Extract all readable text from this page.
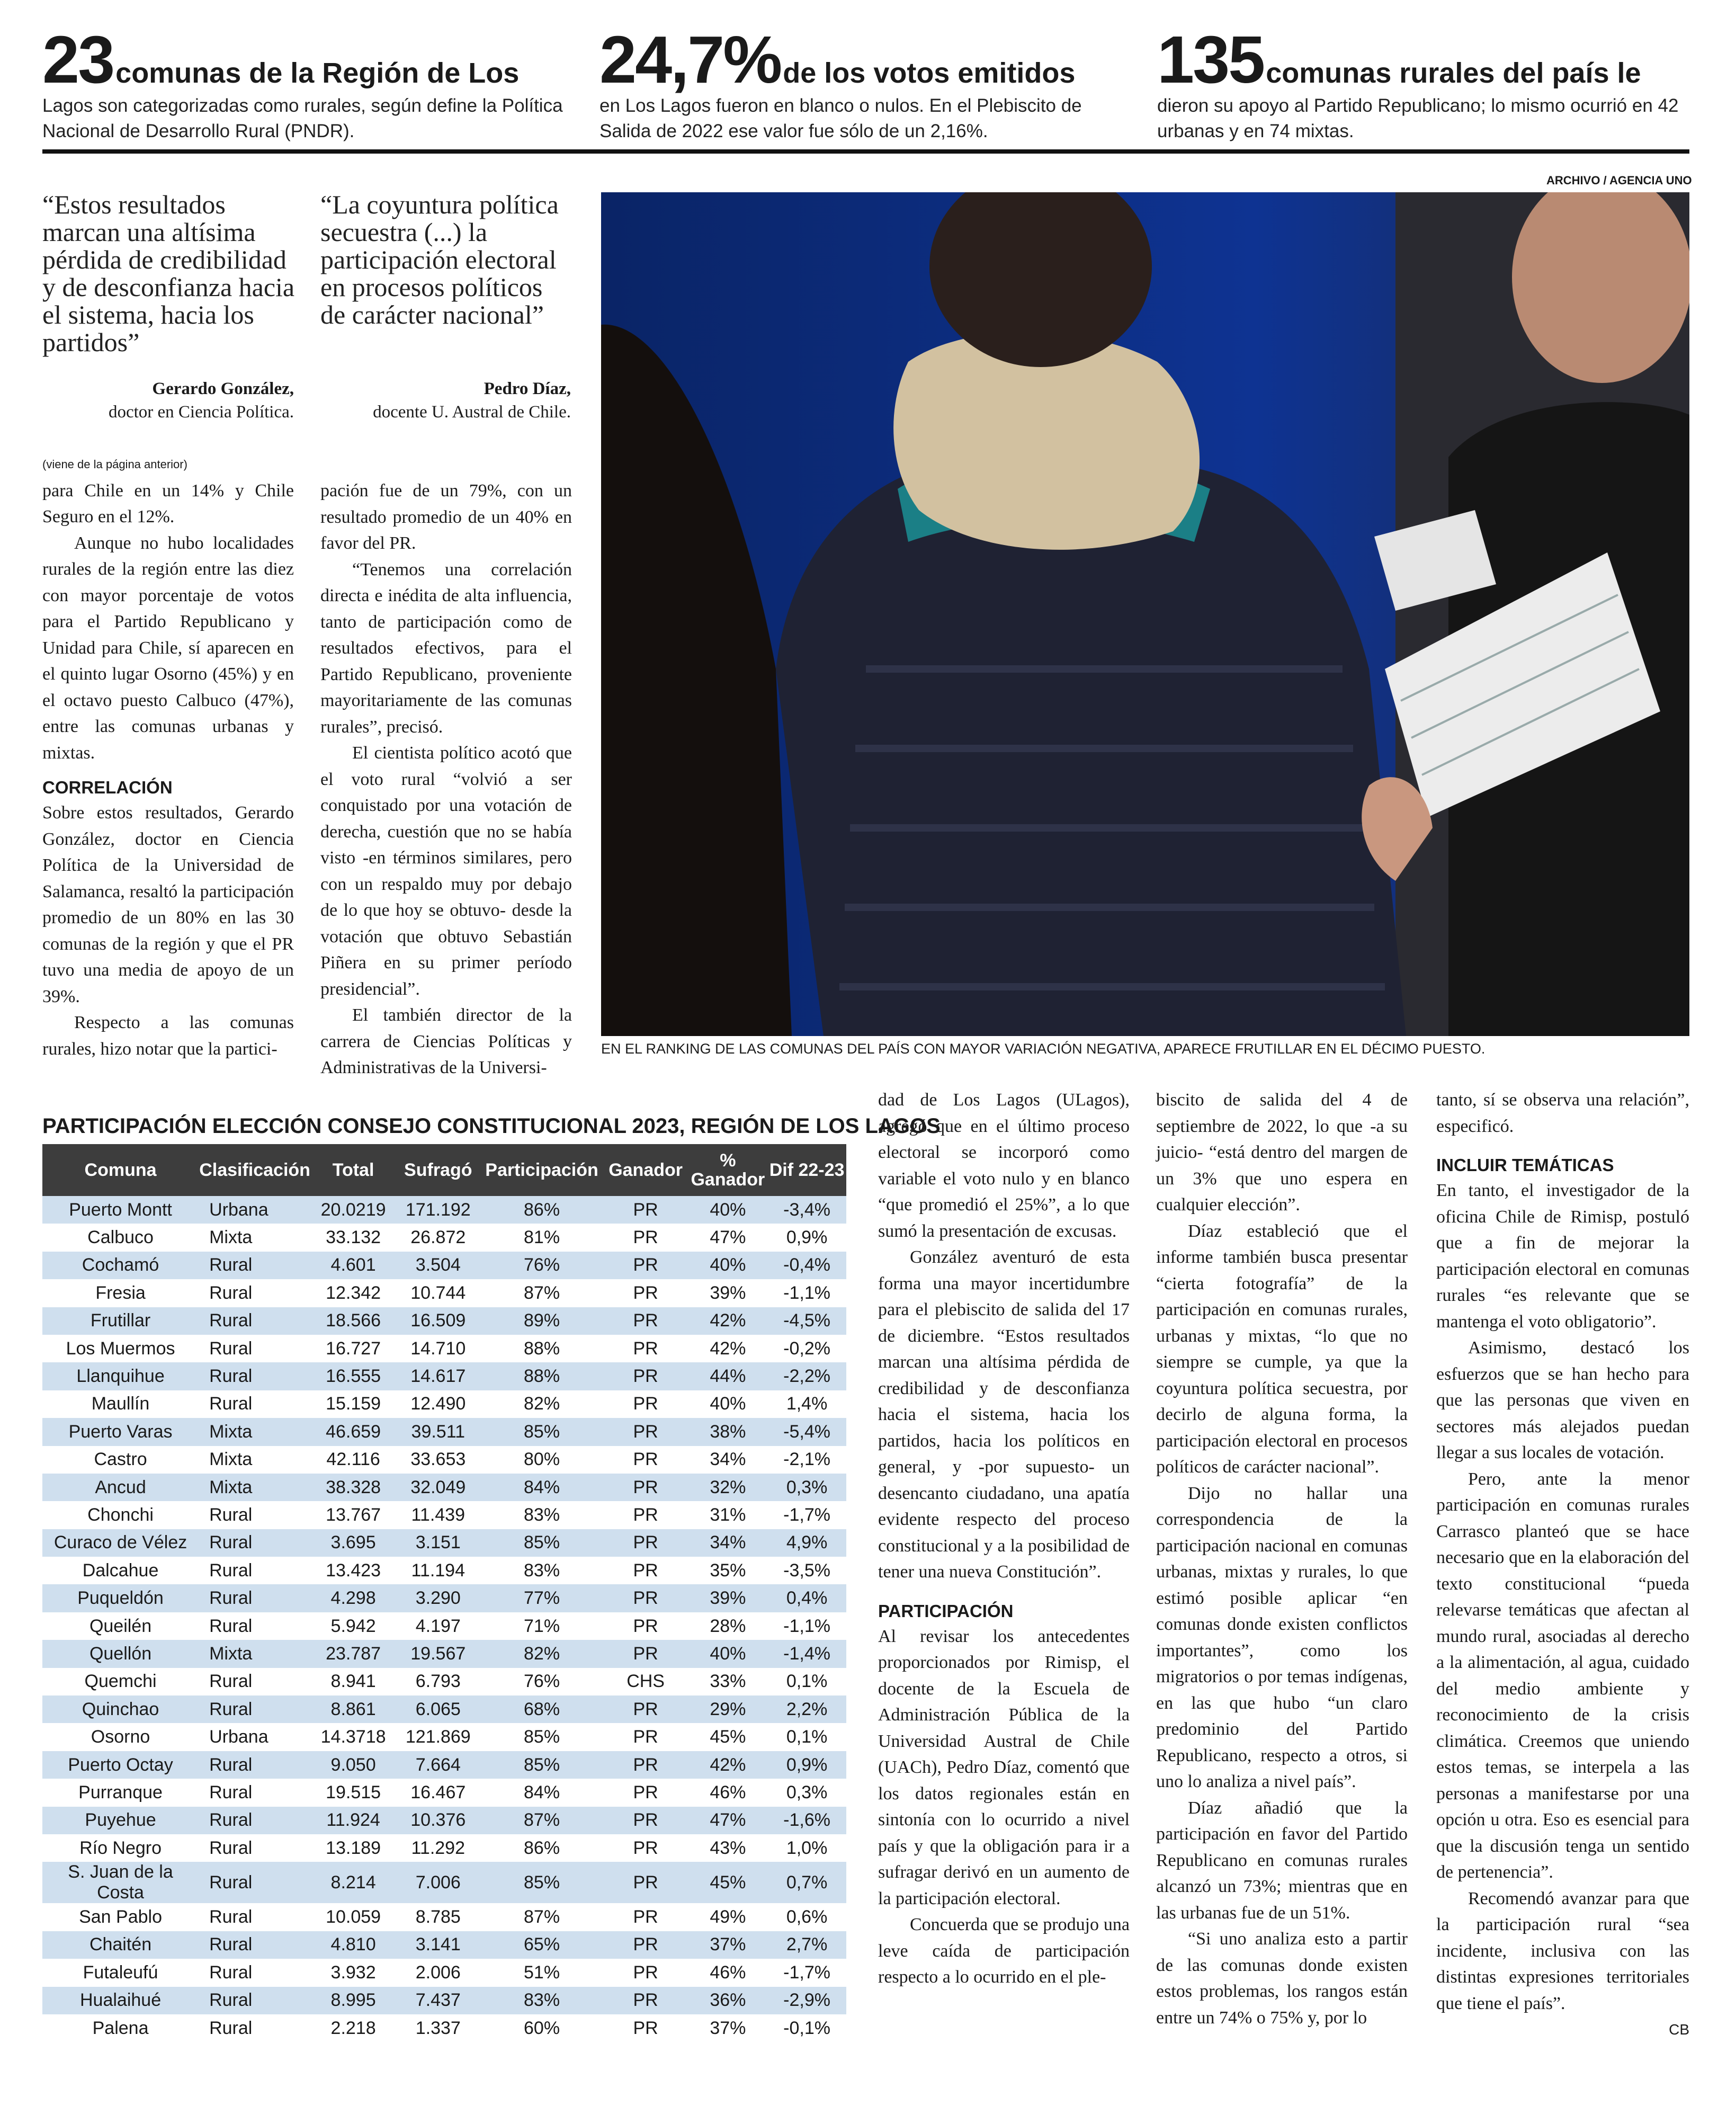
23 comunas de la Región de Los
Lagos son categorizadas como rurales, según define la Política Nacional de Desarrollo Rural (PNDR).
24,7% de los votos emitidos
en Los Lagos fueron en blanco o nulos. En el Plebiscito de Salida de 2022 ese valor fue sólo de un 2,16%.
135 comunas rurales del país le
dieron su apoyo al Partido Republicano; lo mismo ocurrió en 42 urbanas y en 74 mixtas.
“Estos resultados marcan una altísima pérdida de credibilidad y de desconfianza hacia el sistema, hacia los partidos”
Gerardo González,
doctor en Ciencia Política.
“La coyuntura política secuestra (...) la participación electoral en procesos políticos de carácter nacional”
Pedro Díaz,
docente U. Austral de Chile.
(viene de la página anterior)

para Chile en un 14% y Chile Seguro en el 12%.

Aunque no hubo localidades rurales de la región entre las diez con mayor porcentaje de votos para el Partido Republicano y Unidad para Chile, sí aparecen en el quinto lugar Osorno (45%) y en el octavo puesto Calbuco (47%), entre las comunas urbanas y mixtas.

CORRELACIÓN

Sobre estos resultados, Gerardo González, doctor en Ciencia Política de la Universidad de Salamanca, resaltó la participación promedio de un 80% en las 30 comunas de la región y que el PR tuvo una media de apoyo de un 39%.

Respecto a las comunas rurales, hizo notar que la partici-

pación fue de un 79%, con un resultado promedio de un 40% en favor del PR.

“Tenemos una correlación directa e inédita de alta influencia, tanto de participación como de resultados efectivos, para el Partido Republicano, proveniente mayoritariamente de las comunas rurales”, precisó.

El cientista político acotó que el voto rural “volvió a ser conquistado por una votación de derecha, cuestión que no se había visto -en términos similares, pero con un respaldo muy por debajo de lo que hoy se obtuvo- desde la votación que obtuvo Sebastián Piñera en su primer período presidencial”.

El también director de la carrera de Ciencias Políticas y Administrativas de la Universi-

ARCHIVO / AGENCIA UNO
EN EL RANKING DE LAS COMUNAS DEL PAÍS CON MAYOR VARIACIÓN NEGATIVA, APARECE FRUTILLAR EN EL DÉCIMO PUESTO.
PARTICIPACIÓN ELECCIÓN CONSEJO CONSTITUCIONAL 2023, REGIÓN DE LOS LAGOS
Comuna	Clasificación	Total	Sufragó	Participación	Ganador	% Ganador	Dif 22-23
Puerto Montt	Urbana	20.0219	171.192	86%	PR	40%	-3,4%
Calbuco	Mixta	33.132	26.872	81%	PR	47%	0,9%
Cochamó	Rural	4.601	3.504	76%	PR	40%	-0,4%
Fresia	Rural	12.342	10.744	87%	PR	39%	-1,1%
Frutillar	Rural	18.566	16.509	89%	PR	42%	-4,5%
Los Muermos	Rural	16.727	14.710	88%	PR	42%	-0,2%
Llanquihue	Rural	16.555	14.617	88%	PR	44%	-2,2%
Maullín	Rural	15.159	12.490	82%	PR	40%	1,4%
Puerto Varas	Mixta	46.659	39.511	85%	PR	38%	-5,4%
Castro	Mixta	42.116	33.653	80%	PR	34%	-2,1%
Ancud	Mixta	38.328	32.049	84%	PR	32%	0,3%
Chonchi	Rural	13.767	11.439	83%	PR	31%	-1,7%
Curaco de Vélez	Rural	3.695	3.151	85%	PR	34%	4,9%
Dalcahue	Rural	13.423	11.194	83%	PR	35%	-3,5%
Puqueldón	Rural	4.298	3.290	77%	PR	39%	0,4%
Queilén	Rural	5.942	4.197	71%	PR	28%	-1,1%
Quellón	Mixta	23.787	19.567	82%	PR	40%	-1,4%
Quemchi	Rural	8.941	6.793	76%	CHS	33%	0,1%
Quinchao	Rural	8.861	6.065	68%	PR	29%	2,2%
Osorno	Urbana	14.3718	121.869	85%	PR	45%	0,1%
Puerto Octay	Rural	9.050	7.664	85%	PR	42%	0,9%
Purranque	Rural	19.515	16.467	84%	PR	46%	0,3%
Puyehue	Rural	11.924	10.376	87%	PR	47%	-1,6%
Río Negro	Rural	13.189	11.292	86%	PR	43%	1,0%
S. Juan de la Costa	Rural	8.214	7.006	85%	PR	45%	0,7%
San Pablo	Rural	10.059	8.785	87%	PR	49%	0,6%
Chaitén	Rural	4.810	3.141	65%	PR	37%	2,7%
Futaleufú	Rural	3.932	2.006	51%	PR	46%	-1,7%
Hualaihué	Rural	8.995	7.437	83%	PR	36%	-2,9%
Palena	Rural	2.218	1.337	60%	PR	37%	-0,1%

dad de Los Lagos (ULagos), agregó que en el último proceso electoral se incorporó como variable el voto nulo y en blanco “que promedió el 25%”, a lo que sumó la presentación de excusas.

González aventuró de esta forma una mayor incertidumbre para el plebiscito de salida del 17 de diciembre. “Estos resultados marcan una altísima pérdida de credibilidad y de desconfianza hacia el sistema, hacia los partidos, hacia los políticos en general, y -por supuesto- un desencanto ciudadano, una apatía evidente respecto del proceso constitucional y a la posibilidad de tener una nueva Constitución”.

PARTICIPACIÓN

Al revisar los antecedentes proporcionados por Rimisp, el docente de la Escuela de Administración Pública de la Universidad Austral de Chile (UACh), Pedro Díaz, comentó que los datos regionales están en sintonía con lo ocurrido a nivel país y que la obligación para ir a sufragar derivó en un aumento de la participación electoral.

Concuerda que se produjo una leve caída de participación respecto a lo ocurrido en el ple-

biscito de salida del 4 de septiembre de 2022, lo que -a su juicio- “está dentro del margen de un 3% que uno espera en cualquier elección”.

Díaz estableció que el informe también busca presentar “cierta fotografía” de la participación en comunas rurales, urbanas y mixtas, “lo que no siempre se cumple, ya que la coyuntura política secuestra, por decirlo de alguna forma, la participación electoral en procesos políticos de carácter nacional”.

Dijo no hallar una correspondencia de la participación nacional en comunas urbanas, mixtas y rurales, lo que estimó posible aplicar “en comunas donde existen conflictos importantes”, como los migratorios o por temas indígenas, en las que hubo “un claro predominio del Partido Republicano, respecto a otros, si uno lo analiza a nivel país”.

Díaz añadió que la participación en favor del Partido Republicano en comunas rurales alcanzó un 73%; mientras que en las urbanas fue de un 51%.

“Si uno analiza esto a partir de las comunas donde existen estos problemas, los rangos están entre un 74% o 75% y, por lo

tanto, sí se observa una relación”, especificó.

INCLUIR TEMÁTICAS

En tanto, el investigador de la oficina Chile de Rimisp, postuló que a fin de mejorar la participación electoral en comunas rurales “es relevante que se mantenga el voto obligatorio”.

Asimismo, destacó los esfuerzos que se han hecho para que las personas que viven en sectores más alejados puedan llegar a sus locales de votación.

Pero, ante la menor participación en comunas rurales Carrasco planteó que se hace necesario que en la elaboración del texto constitucional “pueda relevarse temáticas que afectan al mundo rural, asociadas al derecho a la alimentación, al agua, cuidado del medio ambiente y reconocimiento de la crisis climática. Creemos que uniendo estos temas, se interpela a las personas a manifestarse por una opción u otra. Eso es esencial para que la discusión tenga un sentido de pertenencia”.

Recomendó avanzar para que la participación rural “sea incidente, inclusiva con las distintas expresiones territoriales que tiene el país”.

CB
